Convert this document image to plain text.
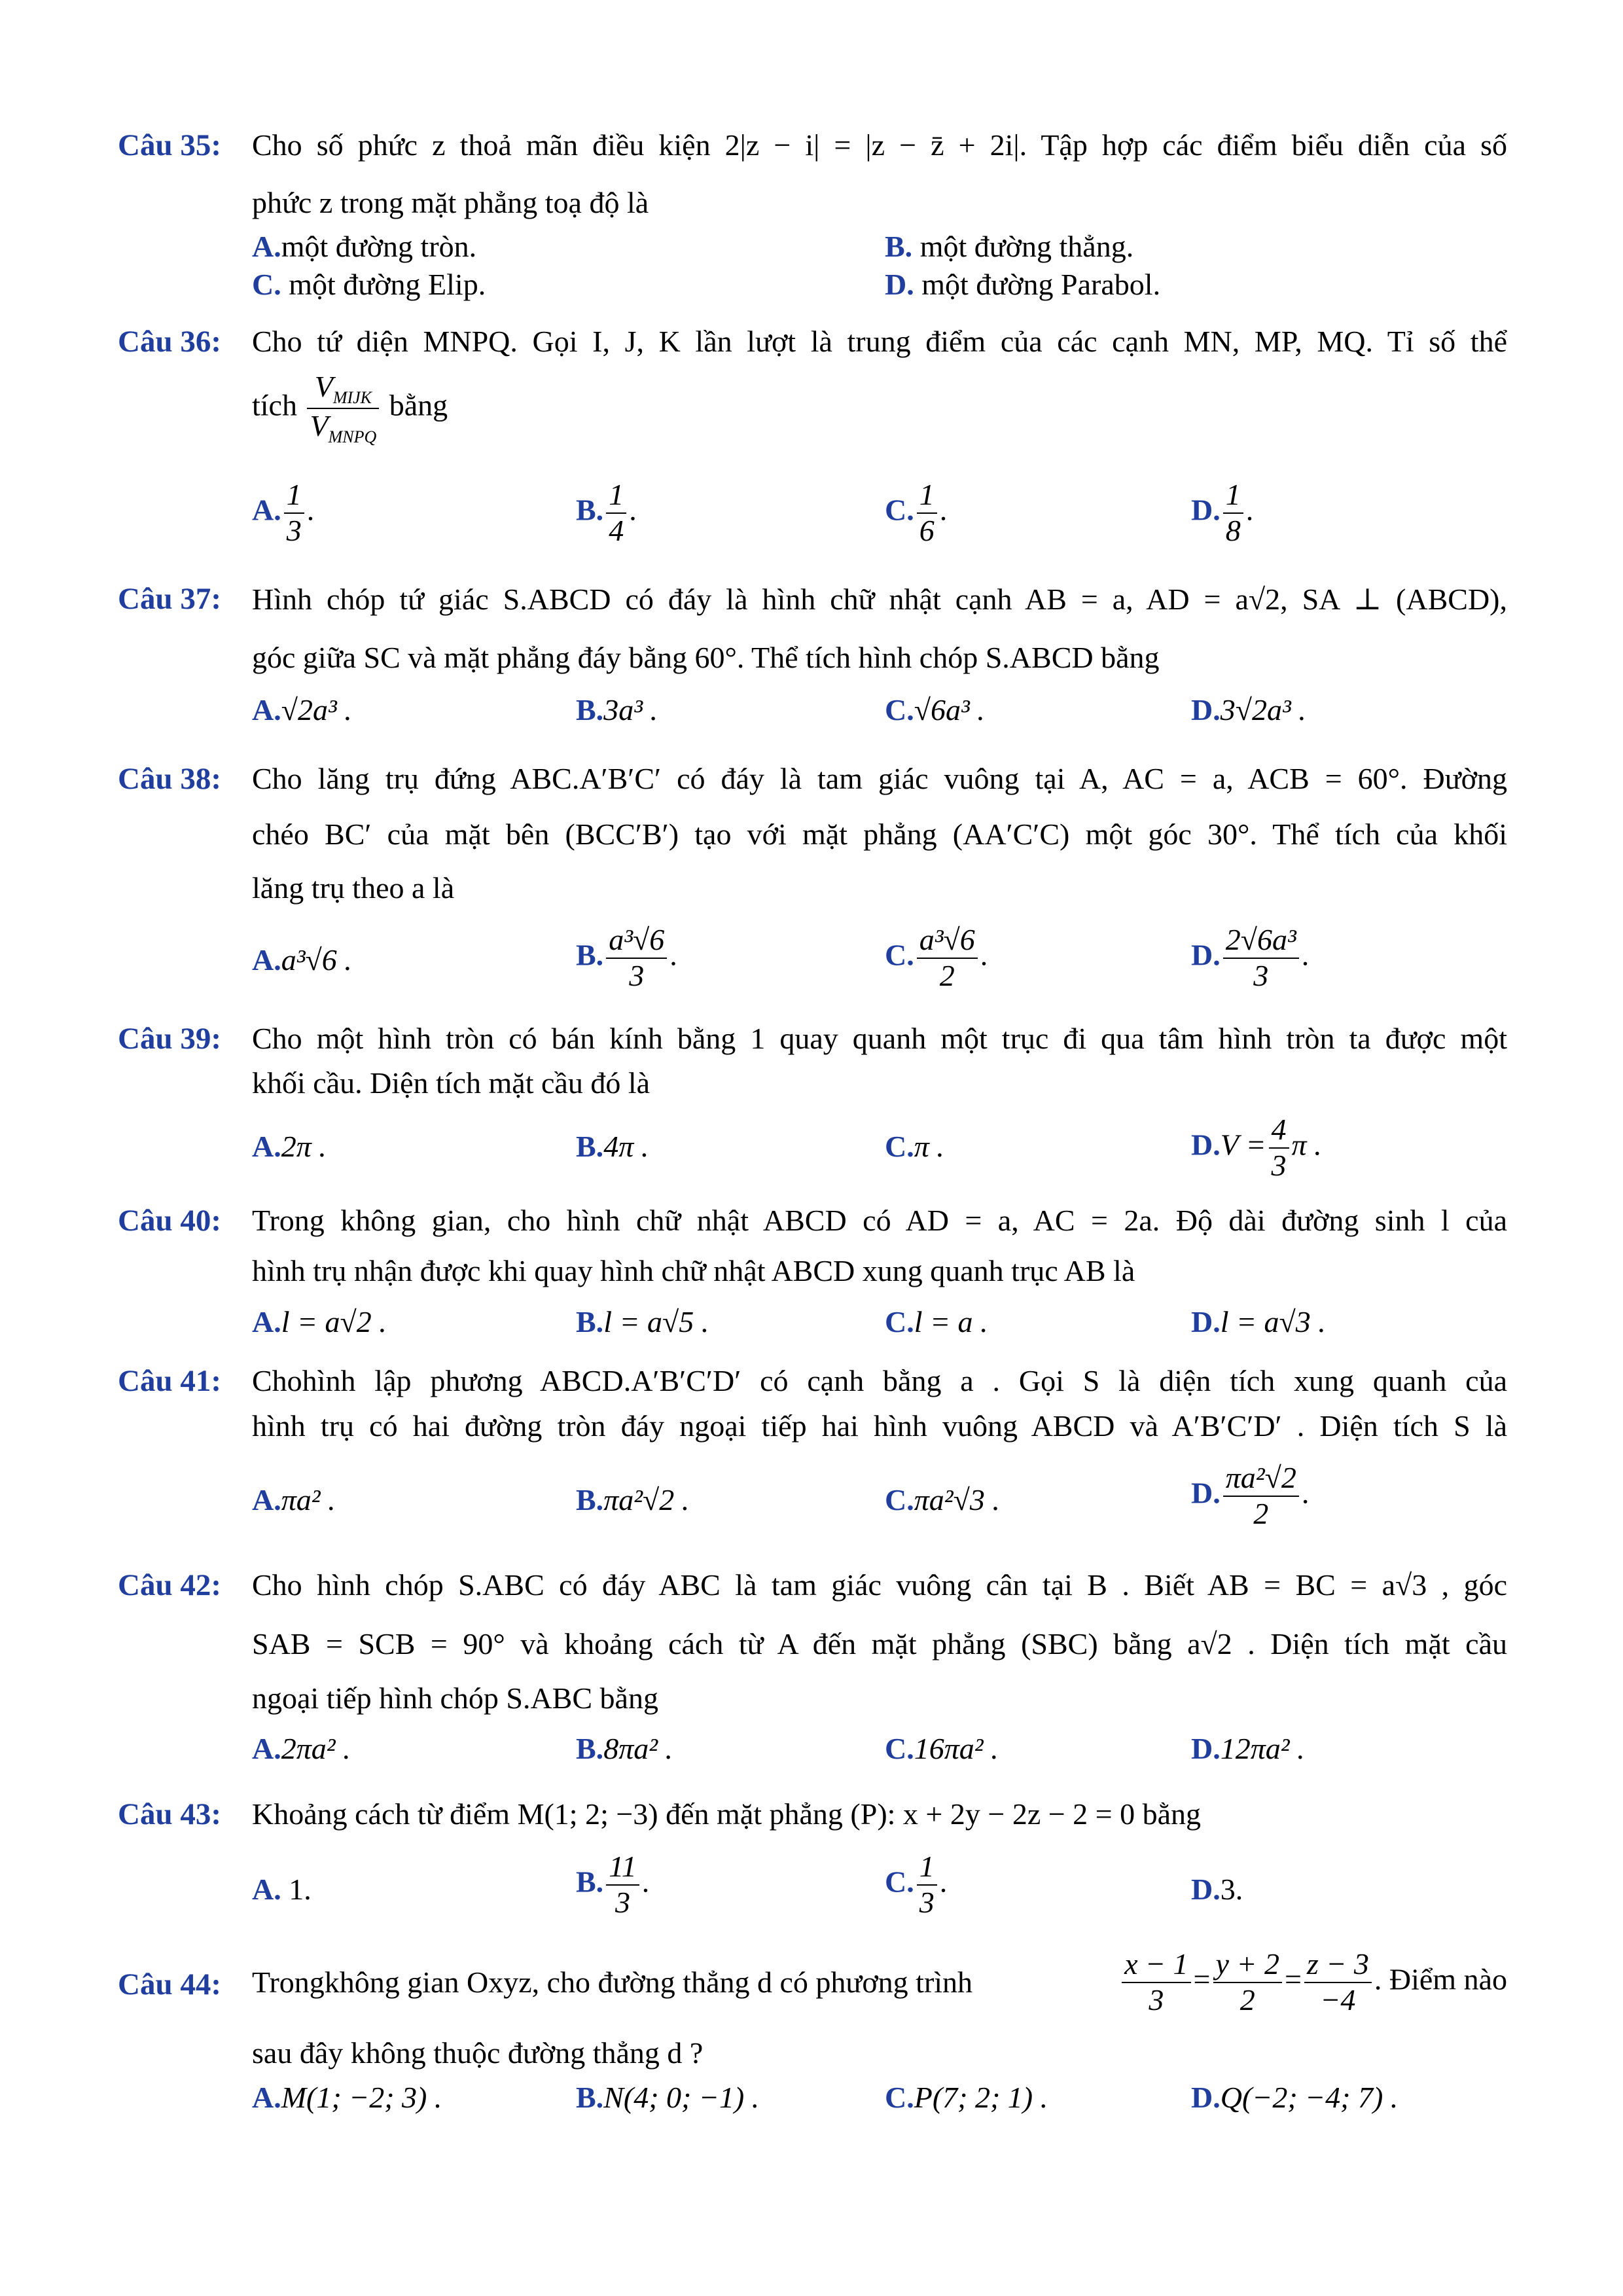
Câu 35: Cho số phức z thoả mãn điều kiện 2|z − i| = |z − z̄ + 2i|. Tập hợp các điểm biểu diễn của số
phức z trong mặt phẳng toạ độ là
A.một đường tròn.	B. một đường thẳng.
C. một đường Elip.	D. một đường Parabol.
Câu 36: Cho tứ diện MNPQ. Gọi I, J, K lần lượt là trung điểm của các cạnh MN, MP, MQ. Tỉ số thể
tích $\frac{V_{MIJK}}{V_{MNPQ}}$ bằng
A. $\frac{1}{3}$ .	B. $\frac{1}{4}$ .	C. $\frac{1}{6}$ .	D. $\frac{1}{8}$ .
Câu 37: Hình chóp tứ giác S.ABCD có đáy là hình chữ nhật cạnh AB = a, AD = a√2, SA ⊥ (ABCD),
góc giữa SC và mặt phẳng đáy bằng 60°. Thể tích hình chóp S.ABCD bằng
A.√2a³ .	B.3a³ .	C.√6a³ .	D.3√2a³ .
Câu 38: Cho lăng trụ đứng ABC.A′B′C′ có đáy là tam giác vuông tại A, AC = a, ACB = 60°. Đường
chéo BC′ của mặt bên (BCC′B′) tạo với mặt phẳng (AA′C′C) một góc 30°. Thể tích của khối
lăng trụ theo a là
A.a³√6 .	B. $\frac{\text{a³√6}}{3}$ .	C. $\frac{\text{a³√6}}{2}$ .	D. $\frac{\text{2√6a³}}{3}$ .
Câu 39: Cho một hình tròn có bán kính bằng 1 quay quanh một trục đi qua tâm hình tròn ta được một
khối cầu. Diện tích mặt cầu đó là
A.2π .	B.4π .	C.π .	$D.V = \frac{4}{3}$ π .
Câu 40: Trong không gian, cho hình chữ nhật ABCD có AD = a, AC = 2a. Độ dài đường sinh l của
hình trụ nhận được khi quay hình chữ nhật ABCD xung quanh trục AB là
A.l = a√2 .	B.l = a√5 .	C.l = a .	D.l = a√3 .
Câu 41: Chohình lập phương ABCD.A′B′C′D′ có cạnh bằng a . Gọi S là diện tích xung quanh của
hình trụ có hai đường tròn đáy ngoại tiếp hai hình vuông ABCD và A′B′C′D′ . Diện tích S là
A.πa² .	B.πa²√2 .	C.πa²√3 .	D. $\frac{\text{πa²√2}}{2}$ .
Câu 42: Cho hình chóp S.ABC có đáy ABC là tam giác vuông cân tại B . Biết AB = BC = a√3 , góc
SAB = SCB = 90° và khoảng cách từ A đến mặt phẳng (SBC) bằng a√2 . Diện tích mặt cầu
ngoại tiếp hình chóp S.ABC bằng
A.2πa² .	B.8πa² .	C.16πa² .	D.12πa² .
Câu 43: Khoảng cách từ điểm M(1; 2; −3) đến mặt phẳng (P): x + 2y − 2z − 2 = 0 bằng
A. 1.	B. $\frac{11}{3}$ .	C. $\frac{1}{3}$ .	D.3.
Câu 44: Trongkhông gian Oxyz, cho đường thẳng d có phương trình	$\frac{x - 1}{3} = \frac{y + 2}{2} = \frac{z - 3}{-4}$ . Điểm nào
sau đây không thuộc đường thẳng d ?
A.M(1; −2; 3) .	B.N(4; 0; −1) .	C.P(7; 2; 1) .	D.Q(−2; −4; 7) .
